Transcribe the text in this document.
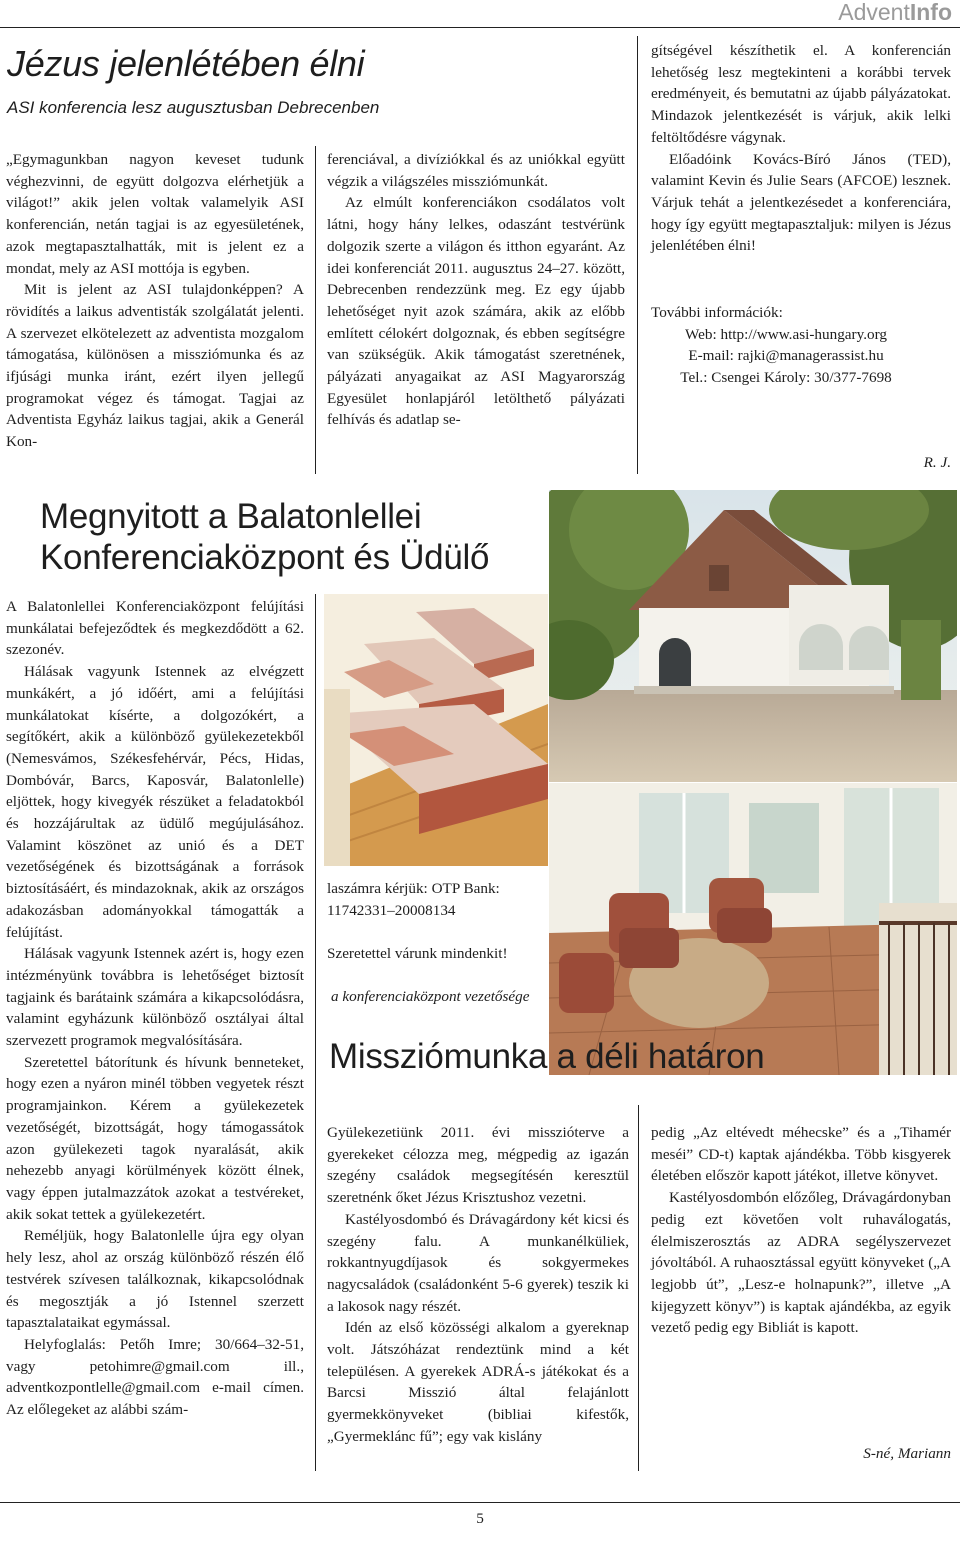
AdventInfo
Jézus jelenlétében élni
ASI konferencia lesz augusztusban Debrecenben

„Egymagunkban nagyon keveset tudunk véghezvinni, de együtt dolgozva elérhetjük a világot!” akik jelen voltak valamelyik ASI konferencián, netán tagjai is az egyesületének, azok megtapasztalhatták, mit is jelent ez a mondat, mely az ASI mottója is egyben.

Mit is jelent az ASI tulajdonképpen? A rövidítés a laikus adventisták szolgálatát jelenti. A szervezet elkötelezett az adventista mozgalom támogatása, különösen a missziómunka és az ifjúsági munka iránt, ezért ilyen jellegű programokat végez és támogat. Tagjai az Adventista Egyház laikus tagjai, akik a Generál Kon-

ferenciával, a divíziókkal és az uniókkal együtt végzik a világszéles missziómunkát.

Az elmúlt konferenciákon csodálatos volt látni, hogy hány lelkes, odaszánt testvérünk dolgozik szerte a világon és itthon egyaránt. Az idei konferenciát 2011. augusztus 24–27. között, Debrecenben rendezzünk meg. Ez egy újabb lehetőséget nyit azok számára, akik az előbb említett célokért dolgoznak, és ebben segítségre van szükségük. Akik támogatást szeretnének, pályázati anyagaikat az ASI Magyarország Egyesület honlapjáról letölthető pályázati felhívás és adatlap se-

gítségével készíthetik el. A konferencián lehetőség lesz megtekinteni a korábbi tervek eredményeit, és bemutatni az újabb pályázatokat. Mindazok jelentkezését is várjuk, akik lelki feltöltődésre vágynak.

Előadóink Kovács-Bíró János (TED), valamint Kevin és Julie Sears (AFCOE) lesznek. Várjuk tehát a jelentkezésedet a konferenciára, hogy így együtt megtapasztaljuk: milyen is Jézus jelenlétében élni!

További információk:
Web: http://www.asi-hungary.org
E-mail: rajki@managerassist.hu
Tel.: Csengei Károly: 30/377-7698
R. J.
Megnyitott a Balatonlellei
Konferenciaközpont és Üdülő

A Balatonlellei Konferenciaközpont felújítási munkálatai befejeződtek és megkezdődött a 62. szezonév.

Hálásak vagyunk Istennek az elvégzett munkákért, a jó időért, ami a felújítási munkálatokat kísérte, a dolgozókért, a segítőkért, akik a különböző gyülekezetekből (Nemesvámos, Székesfehérvár, Pécs, Hidas, Dombóvár, Barcs, Kaposvár, Balatonlelle) eljöttek, hogy kivegyék részüket a feladatokból és hozzájárultak az üdülő megújulásához. Valamint köszönet az unió és a DET vezetőségének és bizottságának a források biztosításáért, és mindazoknak, akik az országos adakozásban adományokkal támogatták a felújítást.

Hálásak vagyunk Istennek azért is, hogy ezen intézményünk továbbra is lehetőséget biztosít tagjaink és barátaink számára a kikapcsolódásra, valamint egyházunk különböző osztályai által szervezett programok megvalósítására.

Szeretettel bátorítunk és hívunk benneteket, hogy ezen a nyáron minél többen vegyetek részt programjainkon. Kérem a gyülekezetek vezetőségét, bizottságát, hogy támogassátok azon gyülekezeti tagok nyaralását, akik nehezebb anyagi körülmények között élnek, vagy éppen jutalmazzátok azokat a testvéreket, akik sokat tettek a gyülekezetért.

Reméljük, hogy Balatonlelle újra egy olyan hely lesz, ahol az ország különböző részén élő testvérek szívesen találkoznak, kikapcsolódnak és megosztják a jó Istennel szerzett tapasztalataikat egymással.

Helyfoglalás: Petőh Imre; 30/664–32-51, vagy petohimre@gmail.com ill., adventkozpontlelle@gmail.com e-mail címen. Az előlegeket az alábbi szám-

laszámra kérjük: OTP Bank: 11742331–20008134
Szeretettel várunk mindenkit!
a konferenciaközpont vezetősége
Missziómunka a déli határon

Gyülekezetiünk 2011. évi missziótervе a gyerekeket célozza meg, mégpedig az igazán szegény családok megsegítésén keresztül szeretnénk őket Jézus Krisztushoz vezetni.

Kastélyosdombó és Drávagárdony két kicsi és szegény falu. A munkanélküliek, rokkantnyugdíjasok és sokgyermekes nagycsaládok (családonként 5-6 gyerek) teszik ki a lakosok nagy részét.

Idén az első közösségi alkalom a gyereknap volt. Játszóházat rendeztünk mind a két településen. A gyerekek ADRÁ-s játékokat és a Barcsi Misszió által felajánlott gyermekkönyveket (bibliai kifestők, „Gyermeklánc fű”; egy vak kislány

pedig „Az eltévedt méhecske” és a „Tihamér meséi” CD-t) kaptak ajándékba. Több kisgyerek életében először kapott játékot, illetve könyvet.

Kastélyosdombón előzőleg, Drávagárdonyban pedig ezt követően volt ruhaválogatás, élelmiszerosztás az ADRA segélyszervezet jóvoltából. A ruhaosztással együtt könyveket („A legjobb út”, „Lesz-e holnapunk?”, illetve „A kijegyzett könyv”) is kaptak ajándékba, az egyik vezető pedig egy Bibliát is kapott.

S-né, Mariann
5
